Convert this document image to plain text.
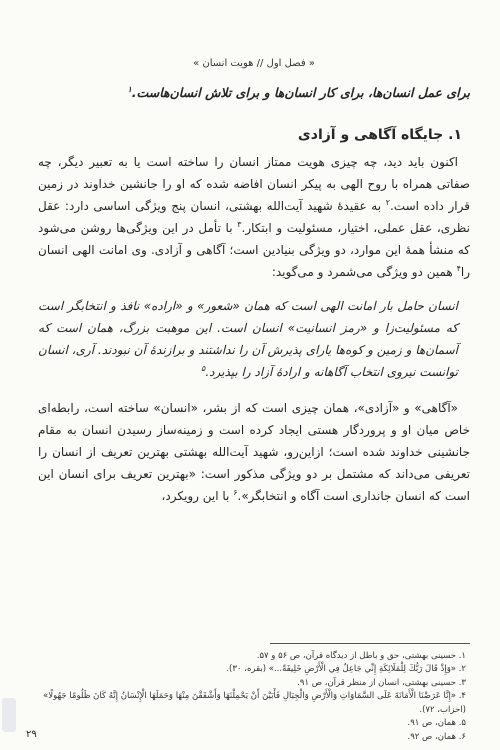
« فصل اول // هویت انسان »
برای عمل انسان‌ها، برای کار انسان‌ها و برای تلاش انسان‌هاست.$^۱$
۱. جایگاه آگاهی و آزادی

اکنون باید دید، چه چیزی هویت ممتاز انسان را ساخته است یا به تعبیر دیگر، چه صفاتی همراه با روح الهی به پیکر انسان افاضه شده که او را جانشین خداوند در زمین قرار داده است.$^۲$ به عقیدهٔ شهید آیت‌الله بهشتی، انسان پنج ویژگی اساسی دارد: عقل نظری، عقل عملی، اختیار، مسئولیت و ابتکار.$^۳$ با تأمل در این ویژگی‌ها روشن می‌شود که منشأ همهٔ این موارد، دو ویژگی بنیادین است؛ آگاهی و آزادی. وی امانت الهی انسان را$^۴$ همین دو ویژگی می‌شمرد و می‌گوید:

انسان حامل بار امانت الهی است که همان «شعور» و «اراده» نافذ و انتخابگر است که مسئولیت‌زا و «رمز انسانیت» انسان است. این موهبت بزرگ، همان است که آسمان‌ها و زمین و کوه‌ها یارای پذیرش آن را نداشتند و برازندهٔ آن نبودند. آری، انسان توانست نیروی انتخاب آگاهانه و ارادهٔ آزاد را بپذیرد.$^۵$

«آگاهی» و «آزادی»، همان چیزی است که از بشر، «انسان» ساخته است، رابطه‌ای خاص میان او و پروردگار هستی ایجاد کرده است و زمینه‌ساز رسیدن انسان به مقام جانشینی خداوند شده است؛ ازاین‌رو، شهید آیت‌الله بهشتی بهترین تعریف از انسان را تعریفی می‌داند که مشتمل بر دو ویژگی مذکور است: «بهترین تعریف برای انسان این است که انسان جانداری است آگاه و انتخابگر».$^۶$ با این رویکرد،

۱. حسینی بهشتی، حق و باطل از دیدگاه قرآن، ص ۵۶ و ۵۷.
۲. «وَإِذْ قَالَ رَبُّكَ لِلْمَلَائِكَةِ إِنِّي جَاعِلٌ فِي الْأَرْضِ خَلِيفَةً...» (بقره، ۳۰).
۳. حسینی بهشتی، انسان از منظر قرآن، ص ۹۱.
۴. «إِنَّا عَرَضْنَا الْأَمَانَةَ عَلَى السَّمَاوَاتِ وَالْأَرْضِ وَالْجِبَالِ فَأَبَيْنَ أَنْ يَحْمِلْنَهَا وَأَشْفَقْنَ مِنْهَا وَحَمَلَهَا الْإِنْسَانُ إِنَّهُ كَانَ ظَلُومًا جَهُولًا» (احزاب، ۷۲).
۵. همان، ص ۹۱.
۶. همان، ص ۹۲.
۲۹
